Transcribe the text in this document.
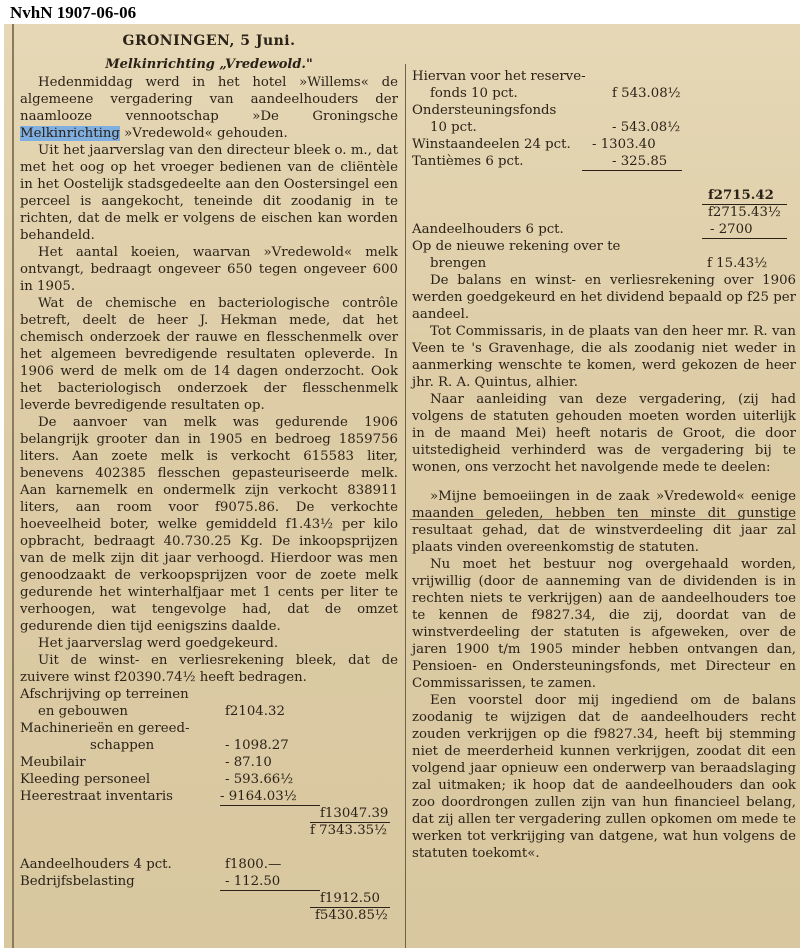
NvhN 1907-06-06
GRONINGEN, 5 Juni.
Melkinrichting „Vredewold."

Hedenmiddag werd in het hotel »Willems« de algemeene vergadering van aandeelhouders der naamlooze vennootschap »De Groningsche Melkinrichting »Vredewold« gehouden.

Uit het jaarverslag van den directeur bleek o. m., dat met het oog op het vroeger bedienen van de cliëntèle in het Oostelijk stadsgedeelte aan den Oostersingel een perceel is aangekocht, teneinde dit zoodanig in te richten, dat de melk er volgens de eischen kan worden behandeld.

Het aantal koeien, waarvan »Vredewold« melk ontvangt, bedraagt ongeveer 650 tegen ongeveer 600 in 1905.

Wat de chemische en bacteriologische contrôle betreft, deelt de heer J. Hekman mede, dat het chemisch onderzoek der rauwe en flesschenmelk over het algemeen bevredigende resultaten opleverde. In 1906 werd de melk om de 14 dagen onderzocht. Ook het bacteriologisch onderzoek der flesschenmelk leverde bevredigende resultaten op.

De aanvoer van melk was gedurende 1906 belangrijk grooter dan in 1905 en bedroeg 1859756 liters. Aan zoete melk is verkocht 615583 liter, benevens 402385 flesschen gepasteuriseerde melk. Aan karnemelk en ondermelk zijn verkocht 838911 liters, aan room voor f9075.86. De verkochte hoeveelheid boter, welke gemiddeld f1.43½ per kilo opbracht, bedraagt 40.730.25 Kg. De inkoopsprijzen van de melk zijn dit jaar verhoogd. Hierdoor was men genoodzaakt de verkoopsprijzen voor de zoete melk gedurende het winterhalfjaar met 1 cents per liter te verhoogen, wat tengevolge had, dat de omzet gedurende dien tijd eenigszins daalde.

Het jaarverslag werd goedgekeurd.

Uit de winst- en verliesrekening bleek, dat de zuivere winst f20390.74½ heeft bedragen.

Afschrijving op terreinen
en gebouwen	f2104.32
Machinerieën en gereed-
schappen	- 1098.27
Meubilair	- 87.10
Kleeding personeel	- 593.66½
Heerestraat inventaris	- 9164.03½
f13047.39
f 7343.35½
Aandeelhouders 4 pct.	f1800.—
Bedrijfsbelasting	- 112.50
f1912.50
f5430.85½
Hiervan voor het reserve-
fonds 10 pct.	f 543.08½
Ondersteuningsfonds
10 pct.	- 543.08½
Winstaandeelen 24 pct. - 1303.40
Tantièmes 6 pct.	- 325.85
f2715.42
f2715.43½
Aandeelhouders 6 pct.	- 2700
Op de nieuwe rekening over te
brengen	f 15.43½

De balans en winst- en verliesrekening over 1906 werden goedgekeurd en het dividend bepaald op f25 per aandeel.

Tot Commissaris, in de plaats van den heer mr. R. van Veen te 's Gravenhage, die als zoodanig niet weder in aanmerking wenschte te komen, werd gekozen de heer jhr. R. A. Quintus, alhier.

Naar aanleiding van deze vergadering, (zij had volgens de statuten gehouden moeten worden uiterlijk in de maand Mei) heeft notaris de Groot, die door uitstedigheid verhinderd was de vergadering bij te wonen, ons verzocht het navolgende mede te deelen:

»Mijne bemoeiingen in de zaak »Vredewold« eenige maanden geleden, hebben ten minste dit gunstige resultaat gehad, dat de winstverdeeling dit jaar zal plaats vinden overeenkomstig de statuten.

Nu moet het bestuur nog overgehaald worden, vrijwillig (door de aanneming van de dividenden is in rechten niets te verkrijgen) aan de aandeelhouders toe te kennen de f9827.34, die zij, doordat van de winstverdeeling der statuten is afgeweken, over de jaren 1900 t/m 1905 minder hebben ontvangen dan, Pensioen- en Ondersteuningsfonds, met Directeur en Commissarissen, te zamen.

Een voorstel door mij ingediend om de balans zoodanig te wijzigen dat de aandeelhouders recht zouden verkrijgen op die f9827.34, heeft bij stemming niet de meerderheid kunnen verkrijgen, zoodat dit een volgend jaar opnieuw een onderwerp van beraadslaging zal uitmaken; ik hoop dat de aandeelhouders dan ook zoo doordrongen zullen zijn van hun financieel belang, dat zij allen ter vergadering zullen opkomen om mede te werken tot verkrijging van datgene, wat hun volgens de statuten toekomt«.
